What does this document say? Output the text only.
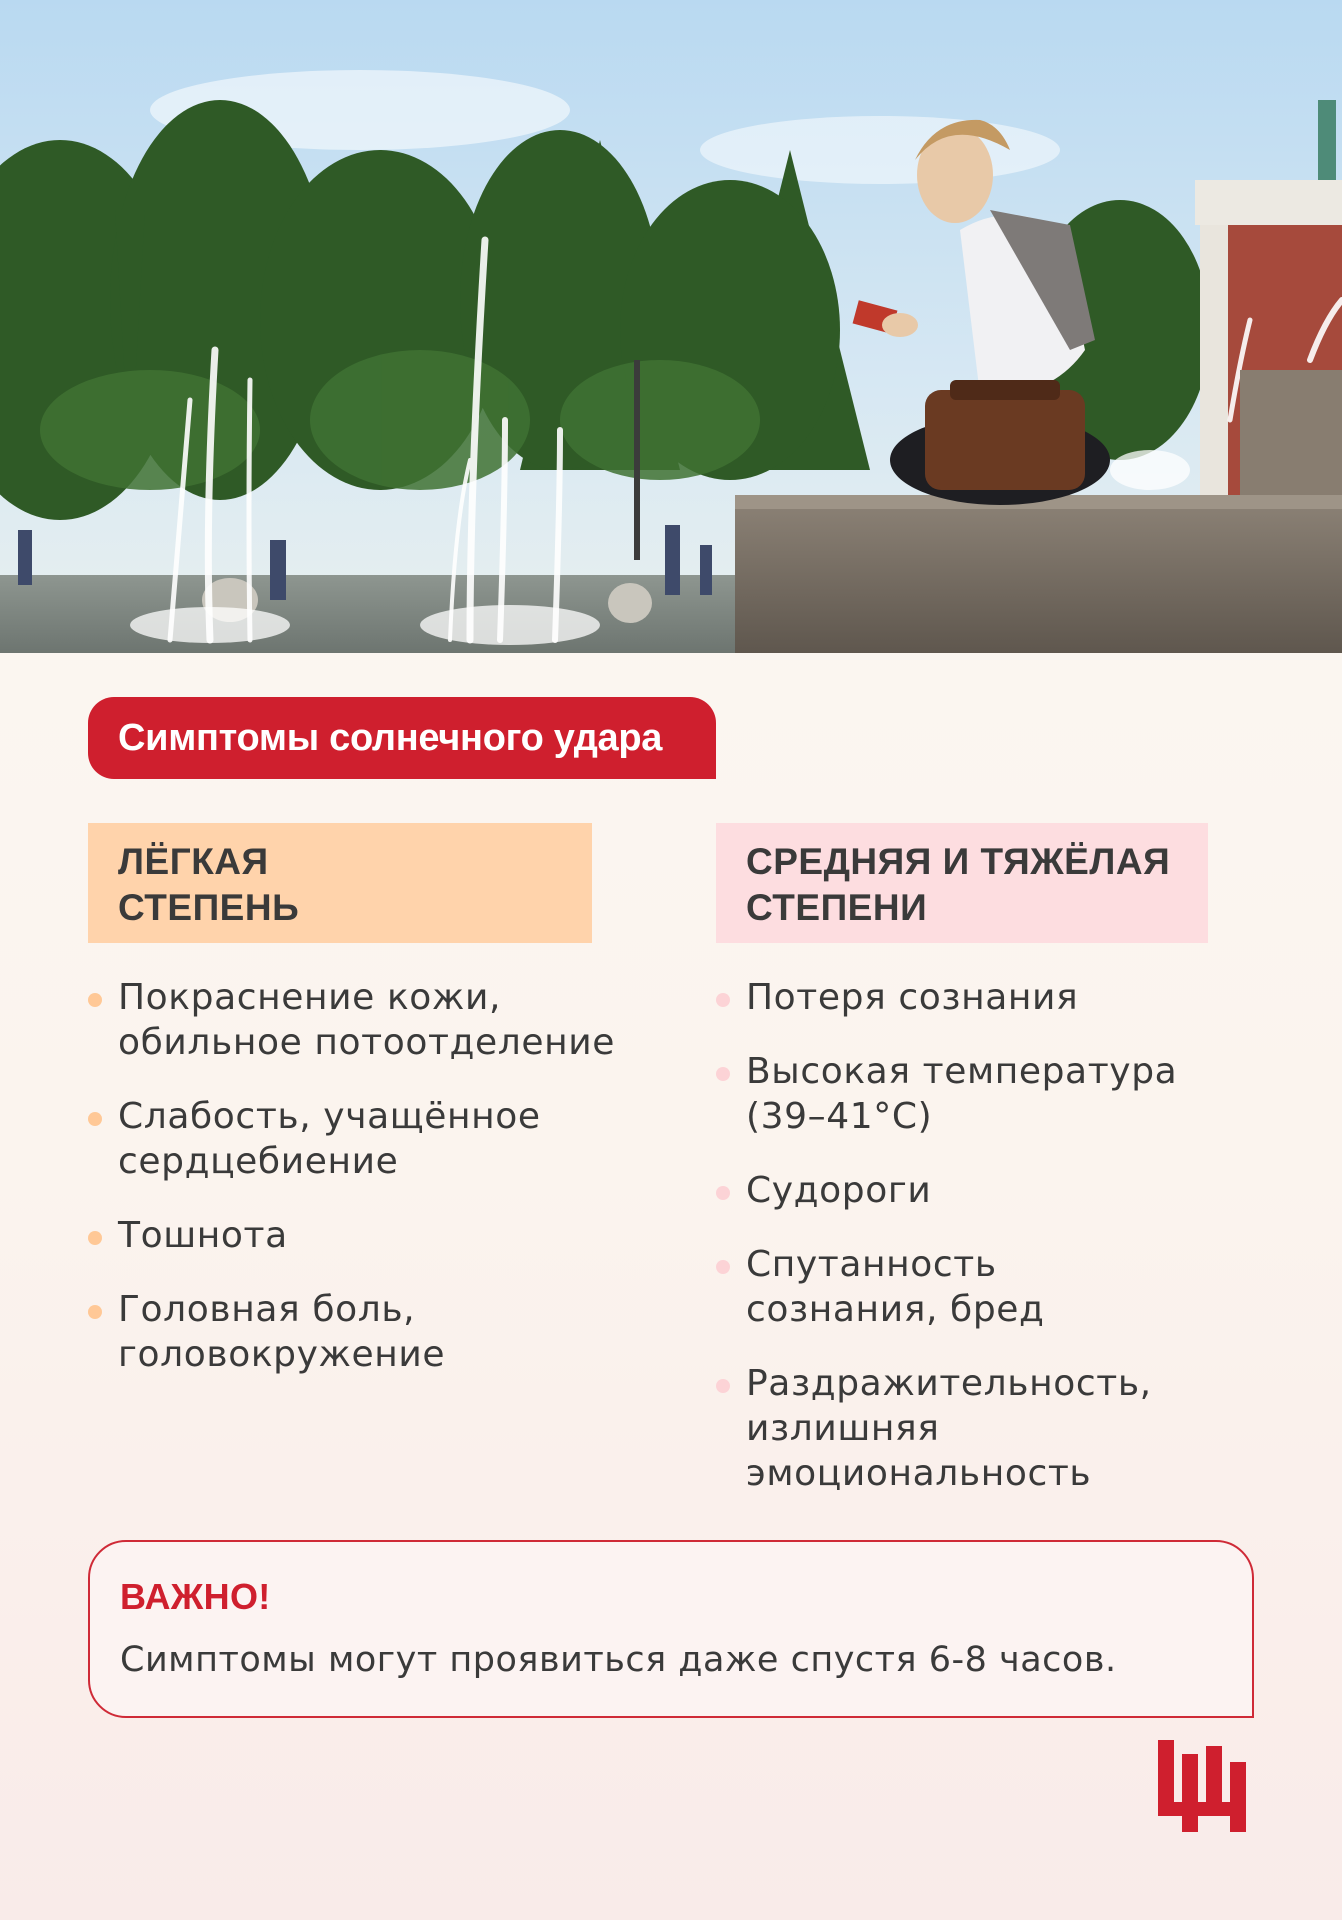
Симптомы солнечного удара
ЛЁГКАЯ
СТЕПЕНЬ
СРЕДНЯЯ И ТЯЖЁЛАЯ
СТЕПЕНИ
Покраснение кожи, обильное потоотделение
Слабость, учащённое сердцебиение
Тошнота
Головная боль, головокружение
Потеря сознания
Высокая температура (39–41°С)
Судороги
Спутанность сознания, бред
Раздражительность, излишняя эмоциональность
ВАЖНО!
Симптомы могут проявиться даже спустя 6-8 часов.
